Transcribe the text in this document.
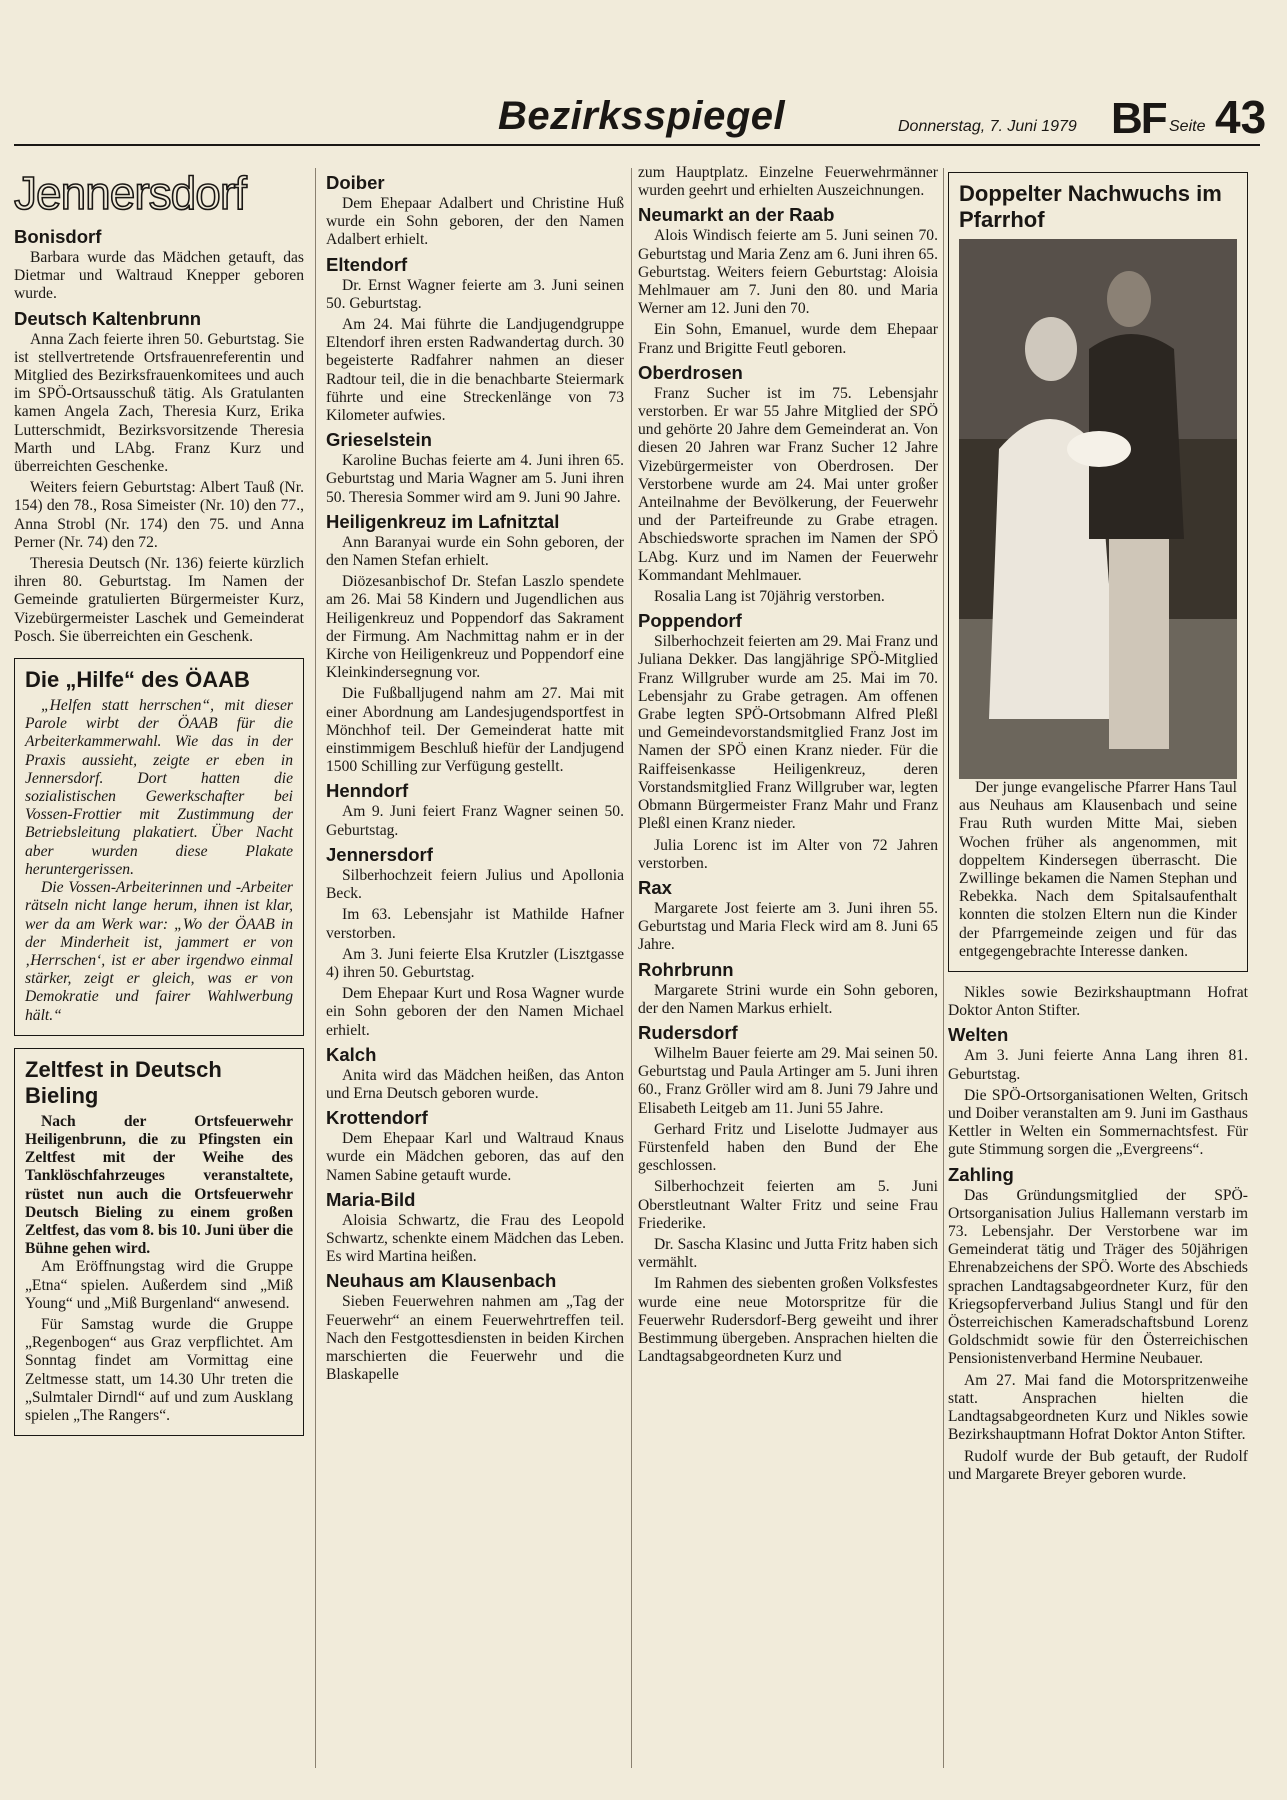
Bezirksspiegel	Donnerstag, 7. Juni 1979 BF Seite 43
Jennersdorf
Bonisdorf

Barbara wurde das Mädchen getauft, das Dietmar und Waltraud Knepper geboren wurde.

Deutsch Kaltenbrunn

Anna Zach feierte ihren 50. Geburtstag. Sie ist stellvertretende Ortsfrauenreferentin und Mitglied des Bezirksfrauenkomitees und auch im SPÖ-Ortsausschuß tätig. Als Gratulanten kamen Angela Zach, Theresia Kurz, Erika Lutterschmidt, Bezirksvorsitzende Theresia Marth und LAbg. Franz Kurz und überreichten Geschenke.

Weiters feiern Geburtstag: Albert Tauß (Nr. 154) den 78., Rosa Simeister (Nr. 10) den 77., Anna Strobl (Nr. 174) den 75. und Anna Perner (Nr. 74) den 72.

Theresia Deutsch (Nr. 136) feierte kürzlich ihren 80. Geburtstag. Im Namen der Gemeinde gratulierten Bürgermeister Kurz, Vizebürgermeister Laschek und Gemeinderat Posch. Sie überreichten ein Geschenk.

Die „Hilfe“ des ÖAAB

„Helfen statt herrschen“, mit dieser Parole wirbt der ÖAAB für die Arbeiterkammerwahl. Wie das in der Praxis aussieht, zeigte er eben in Jennersdorf. Dort hatten die sozialistischen Gewerkschafter bei Vossen-Frottier mit Zustimmung der Betriebsleitung plakatiert. Über Nacht aber wurden diese Plakate heruntergerissen.

Die Vossen-Arbeiterinnen und -Arbeiter rätseln nicht lange herum, ihnen ist klar, wer da am Werk war: „Wo der ÖAAB in der Minderheit ist, jammert er von ‚Herrschen‘, ist er aber irgendwo einmal stärker, zeigt er gleich, was er von Demokratie und fairer Wahlwerbung hält.“

Zeltfest in Deutsch Bieling

Nach der Ortsfeuerwehr Heiligenbrunn, die zu Pfingsten ein Zeltfest mit der Weihe des Tanklöschfahrzeuges veranstaltete, rüstet nun auch die Ortsfeuerwehr Deutsch Bieling zu einem großen Zeltfest, das vom 8. bis 10. Juni über die Bühne gehen wird.

Am Eröffnungstag wird die Gruppe „Etna“ spielen. Außerdem sind „Miß Young“ und „Miß Burgenland“ anwesend.

Für Samstag wurde die Gruppe „Regenbogen“ aus Graz verpflichtet. Am Sonntag findet am Vormittag eine Zeltmesse statt, um 14.30 Uhr treten die „Sulmtaler Dirndl“ auf und zum Ausklang spielen „The Rangers“.

Doiber

Dem Ehepaar Adalbert und Christine Huß wurde ein Sohn geboren, der den Namen Adalbert erhielt.

Eltendorf

Dr. Ernst Wagner feierte am 3. Juni seinen 50. Geburtstag.

Am 24. Mai führte die Landjugendgruppe Eltendorf ihren ersten Radwandertag durch. 30 begeisterte Radfahrer nahmen an dieser Radtour teil, die in die benachbarte Steiermark führte und eine Streckenlänge von 73 Kilometer aufwies.

Grieselstein

Karoline Buchas feierte am 4. Juni ihren 65. Geburtstag und Maria Wagner am 5. Juni ihren 50. Theresia Sommer wird am 9. Juni 90 Jahre.

Heiligenkreuz im Lafnitztal

Ann Baranyai wurde ein Sohn geboren, der den Namen Stefan erhielt.

Diözesanbischof Dr. Stefan Laszlo spendete am 26. Mai 58 Kindern und Jugendlichen aus Heiligenkreuz und Poppendorf das Sakrament der Firmung. Am Nachmittag nahm er in der Kirche von Heiligenkreuz und Poppendorf eine Kleinkindersegnung vor.

Die Fußballjugend nahm am 27. Mai mit einer Abordnung am Landesjugendsportfest in Mönchhof teil. Der Gemeinderat hatte mit einstimmigem Beschluß hiefür der Landjugend 1500 Schilling zur Verfügung gestellt.

Henndorf

Am 9. Juni feiert Franz Wagner seinen 50. Geburtstag.

Jennersdorf

Silberhochzeit feiern Julius und Apollonia Beck.

Im 63. Lebensjahr ist Mathilde Hafner verstorben.

Am 3. Juni feierte Elsa Krutzler (Lisztgasse 4) ihren 50. Geburtstag.

Dem Ehepaar Kurt und Rosa Wagner wurde ein Sohn geboren der den Namen Michael erhielt.

Kalch

Anita wird das Mädchen heißen, das Anton und Erna Deutsch geboren wurde.

Krottendorf

Dem Ehepaar Karl und Waltraud Knaus wurde ein Mädchen geboren, das auf den Namen Sabine getauft wurde.

Maria-Bild

Aloisia Schwartz, die Frau des Leopold Schwartz, schenkte einem Mädchen das Leben. Es wird Martina heißen.

Neuhaus am Klausenbach

Sieben Feuerwehren nahmen am „Tag der Feuerwehr“ an einem Feuerwehrtreffen teil. Nach den Festgottesdiensten in beiden Kirchen marschierten die Feuerwehr und die Blaskapelle

zum Hauptplatz. Einzelne Feuerwehrmänner wurden geehrt und erhielten Auszeichnungen.

Neumarkt an der Raab

Alois Windisch feierte am 5. Juni seinen 70. Geburtstag und Maria Zenz am 6. Juni ihren 65. Geburtstag. Weiters feiern Geburtstag: Aloisia Mehlmauer am 7. Juni den 80. und Maria Werner am 12. Juni den 70.

Ein Sohn, Emanuel, wurde dem Ehepaar Franz und Brigitte Feutl geboren.

Oberdrosen

Franz Sucher ist im 75. Lebensjahr verstorben. Er war 55 Jahre Mitglied der SPÖ und gehörte 20 Jahre dem Gemeinderat an. Von diesen 20 Jahren war Franz Sucher 12 Jahre Vizebürgermeister von Oberdrosen. Der Verstorbene wurde am 24. Mai unter großer Anteilnahme der Bevölkerung, der Feuerwehr und der Parteifreunde zu Grabe etragen. Abschiedsworte sprachen im Namen der SPÖ LAbg. Kurz und im Namen der Feuerwehr Kommandant Mehlmauer.

Rosalia Lang ist 70jährig verstorben.

Poppendorf

Silberhochzeit feierten am 29. Mai Franz und Juliana Dekker. Das langjährige SPÖ-Mitglied Franz Willgruber wurde am 25. Mai im 70. Lebensjahr zu Grabe getragen. Am offenen Grabe legten SPÖ-Ortsobmann Alfred Pleßl und Gemeindevorstandsmitglied Franz Jost im Namen der SPÖ einen Kranz nieder. Für die Raiffeisenkasse Heiligenkreuz, deren Vorstandsmitglied Franz Willgruber war, legten Obmann Bürgermeister Franz Mahr und Franz Pleßl einen Kranz nieder.

Julia Lorenc ist im Alter von 72 Jahren verstorben.

Rax

Margarete Jost feierte am 3. Juni ihren 55. Geburtstag und Maria Fleck wird am 8. Juni 65 Jahre.

Rohrbrunn

Margarete Strini wurde ein Sohn geboren, der den Namen Markus erhielt.

Rudersdorf

Wilhelm Bauer feierte am 29. Mai seinen 50. Geburtstag und Paula Artinger am 5. Juni ihren 60., Franz Gröller wird am 8. Juni 79 Jahre und Elisabeth Leitgeb am 11. Juni 55 Jahre.

Gerhard Fritz und Liselotte Judmayer aus Fürstenfeld haben den Bund der Ehe geschlossen.

Silberhochzeit feierten am 5. Juni Oberstleutnant Walter Fritz und seine Frau Friederike.

Dr. Sascha Klasinc und Jutta Fritz haben sich vermählt.

Im Rahmen des siebenten großen Volksfestes wurde eine neue Motorspritze für die Feuerwehr Rudersdorf-Berg geweiht und ihrer Bestimmung übergeben. Ansprachen hielten die Landtagsabgeordneten Kurz und

Doppelter Nachwuchs im Pfarrhof

Der junge evangelische Pfarrer Hans Taul aus Neuhaus am Klausenbach und seine Frau Ruth wurden Mitte Mai, sieben Wochen früher als angenommen, mit doppeltem Kindersegen überrascht. Die Zwillinge bekamen die Namen Stephan und Rebekka. Nach dem Spitalsaufenthalt konnten die stolzen Eltern nun die Kinder der Pfarrgemeinde zeigen und für das entgegengebrachte Interesse danken.

Nikles sowie Bezirkshauptmann Hofrat Doktor Anton Stifter.

Welten

Am 3. Juni feierte Anna Lang ihren 81. Geburtstag.

Die SPÖ-Ortsorganisationen Welten, Gritsch und Doiber veranstalten am 9. Juni im Gasthaus Kettler in Welten ein Sommernachtsfest. Für gute Stimmung sorgen die „Evergreens“.

Zahling

Das Gründungsmitglied der SPÖ-Ortsorganisation Julius Hallemann verstarb im 73. Lebensjahr. Der Verstorbene war im Gemeinderat tätig und Träger des 50jährigen Ehrenabzeichens der SPÖ. Worte des Abschieds sprachen Landtagsabgeordneter Kurz, für den Kriegsopferverband Julius Stangl und für den Österreichischen Kameradschaftsbund Lorenz Goldschmidt sowie für den Österreichischen Pensionistenverband Hermine Neubauer.

Am 27. Mai fand die Motorspritzenweihe statt. Ansprachen hielten die Landtagsabgeordneten Kurz und Nikles sowie Bezirkshauptmann Hofrat Doktor Anton Stifter.

Rudolf wurde der Bub getauft, der Rudolf und Margarete Breyer geboren wurde.
